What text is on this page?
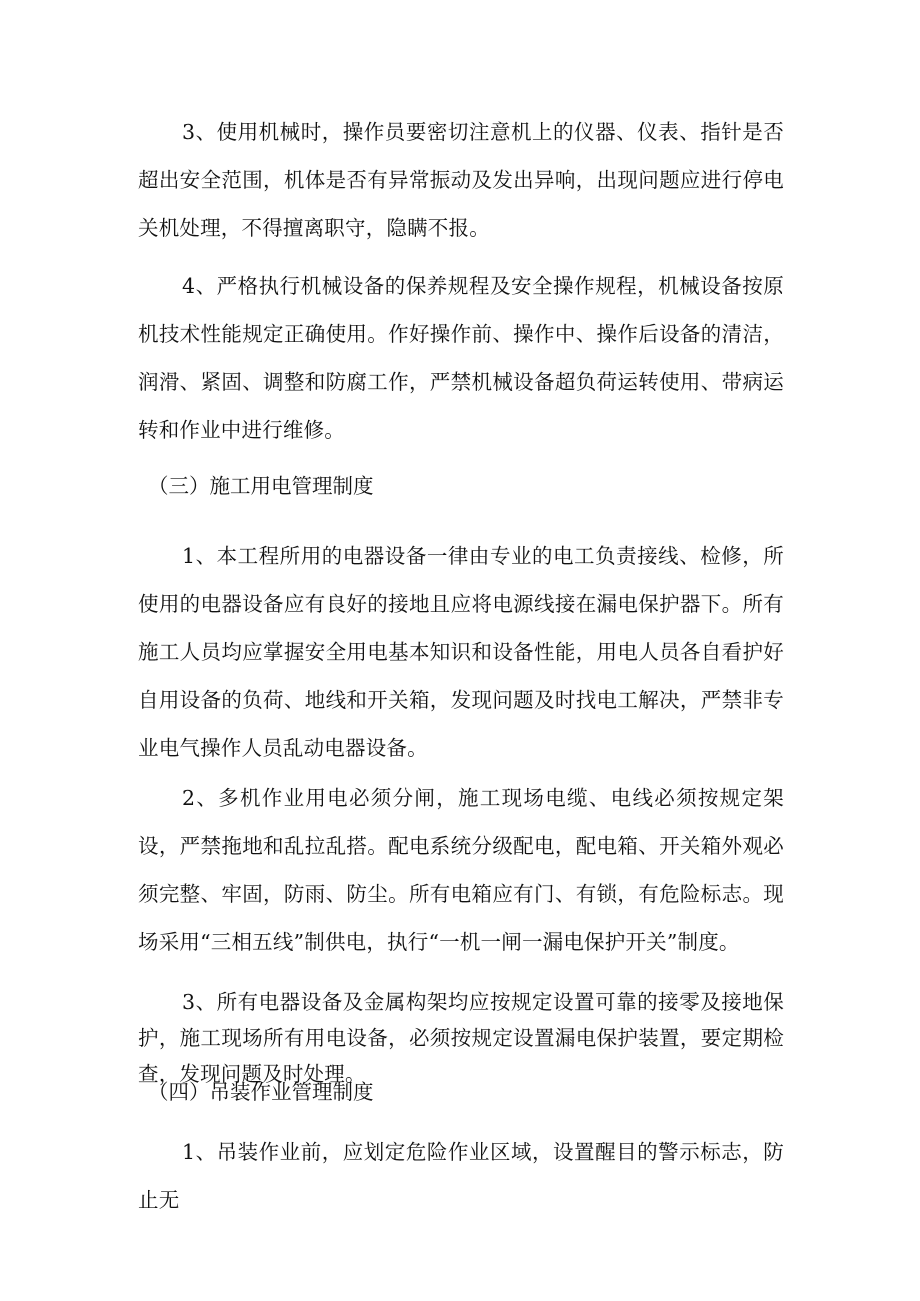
3、使用机械时，操作员要密切注意机上的仪器、仪表、指针是否超出安全范围，机体是否有异常振动及发出异响，出现问题应进行停电关机处理，不得擅离职守，隐瞒不报。

4、严格执行机械设备的保养规程及安全操作规程，机械设备按原机技术性能规定正确使用。作好操作前、操作中、操作后设备的清洁，润滑、紧固、调整和防腐工作，严禁机械设备超负荷运转使用、带病运转和作业中进行维修。

（三）施工用电管理制度

1、本工程所用的电器设备一律由专业的电工负责接线、检修，所使用的电器设备应有良好的接地且应将电源线接在漏电保护器下。所有施工人员均应掌握安全用电基本知识和设备性能，用电人员各自看护好自用设备的负荷、地线和开关箱，发现问题及时找电工解决，严禁非专业电气操作人员乱动电器设备。

2、多机作业用电必须分闸，施工现场电缆、电线必须按规定架设，严禁拖地和乱拉乱搭。配电系统分级配电，配电箱、开关箱外观必须完整、牢固，防雨、防尘。所有电箱应有门、有锁，有危险标志。现场采用“三相五线”制供电，执行“一机一闸一漏电保护开关”制度。

3、所有电器设备及金属构架均应按规定设置可靠的接零及接地保护，施工现场所有用电设备，必须按规定设置漏电保护装置，要定期检查，发现问题及时处理。

（四）吊装作业管理制度

1、吊装作业前，应划定危险作业区域，设置醒目的警示标志，防止无
